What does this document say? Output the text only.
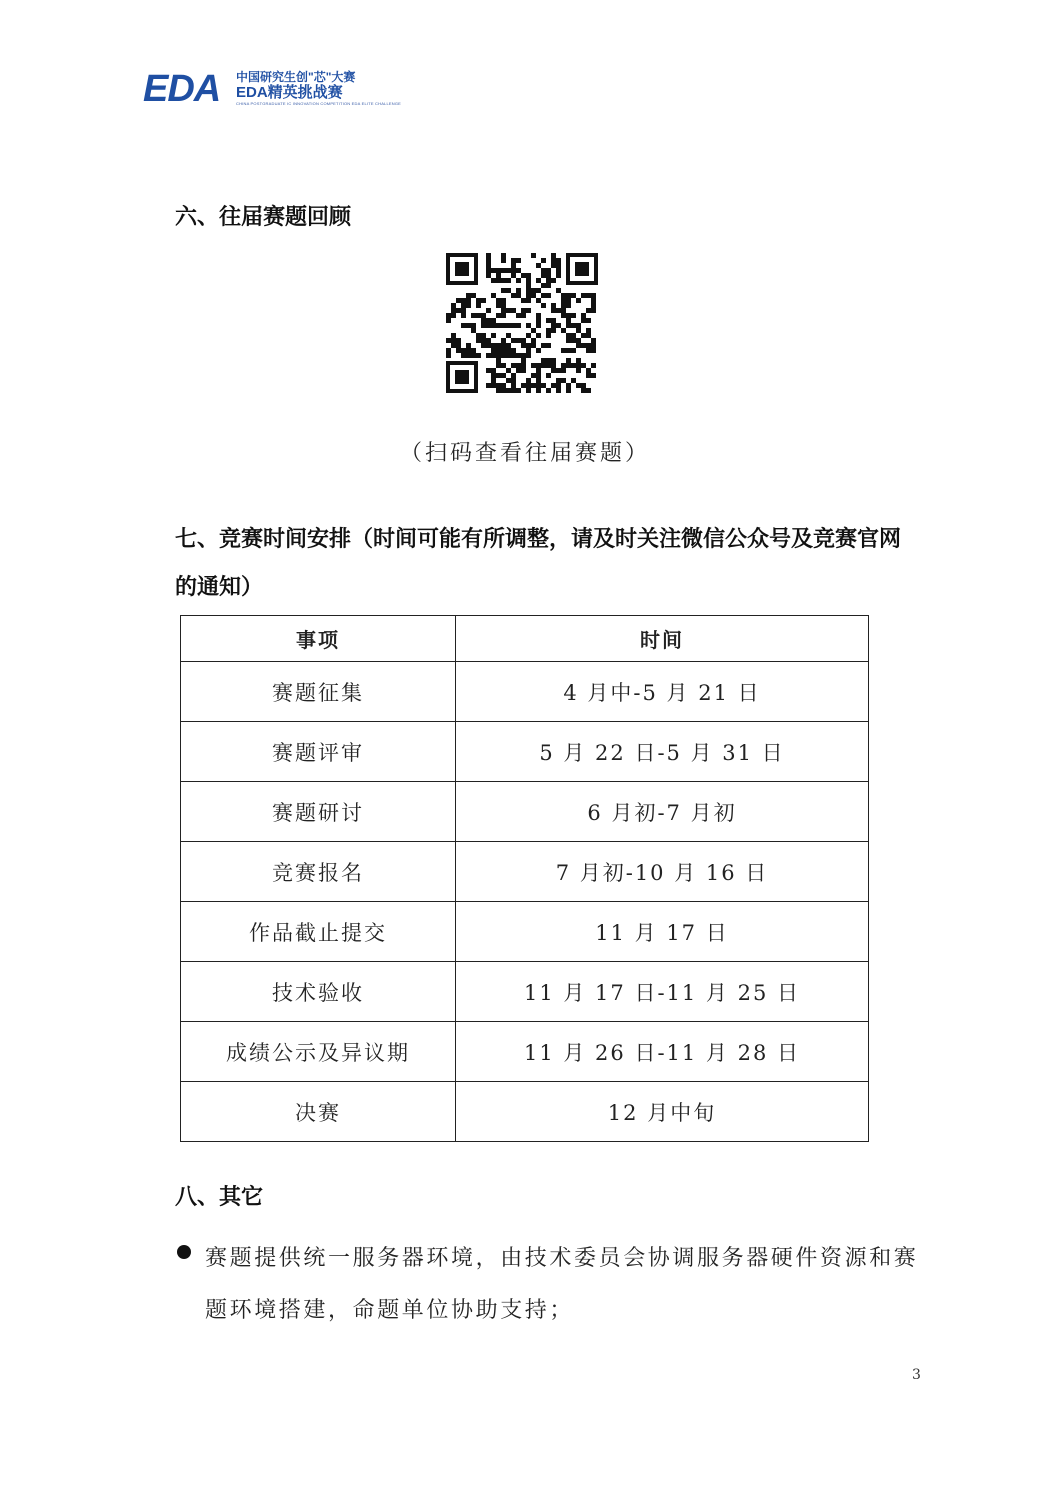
EDA 中国研究生创"芯"大赛
EDA精英挑战赛
CHINA POSTGRADUATE IC INNOVATION COMPETITION EDA ELITE CHALLENGE
六、往届赛题回顾
（扫码查看往届赛题）
七、竞赛时间安排（时间可能有所调整，请及时关注微信公众号及竞赛官网的通知）
事项	时间
赛题征集	4 月中-5 月 21 日
赛题评审	5 月 22 日-5 月 31 日
赛题研讨	6 月初-7 月初
竞赛报名	7 月初-10 月 16 日
作品截止提交	11 月 17 日
技术验收	11 月 17 日-11 月 25 日
成绩公示及异议期	11 月 26 日-11 月 28 日
决赛	12 月中旬
八、其它
赛题提供统一服务器环境，由技术委员会协调服务器硬件资源和赛题环境搭建，命题单位协助支持；
3
